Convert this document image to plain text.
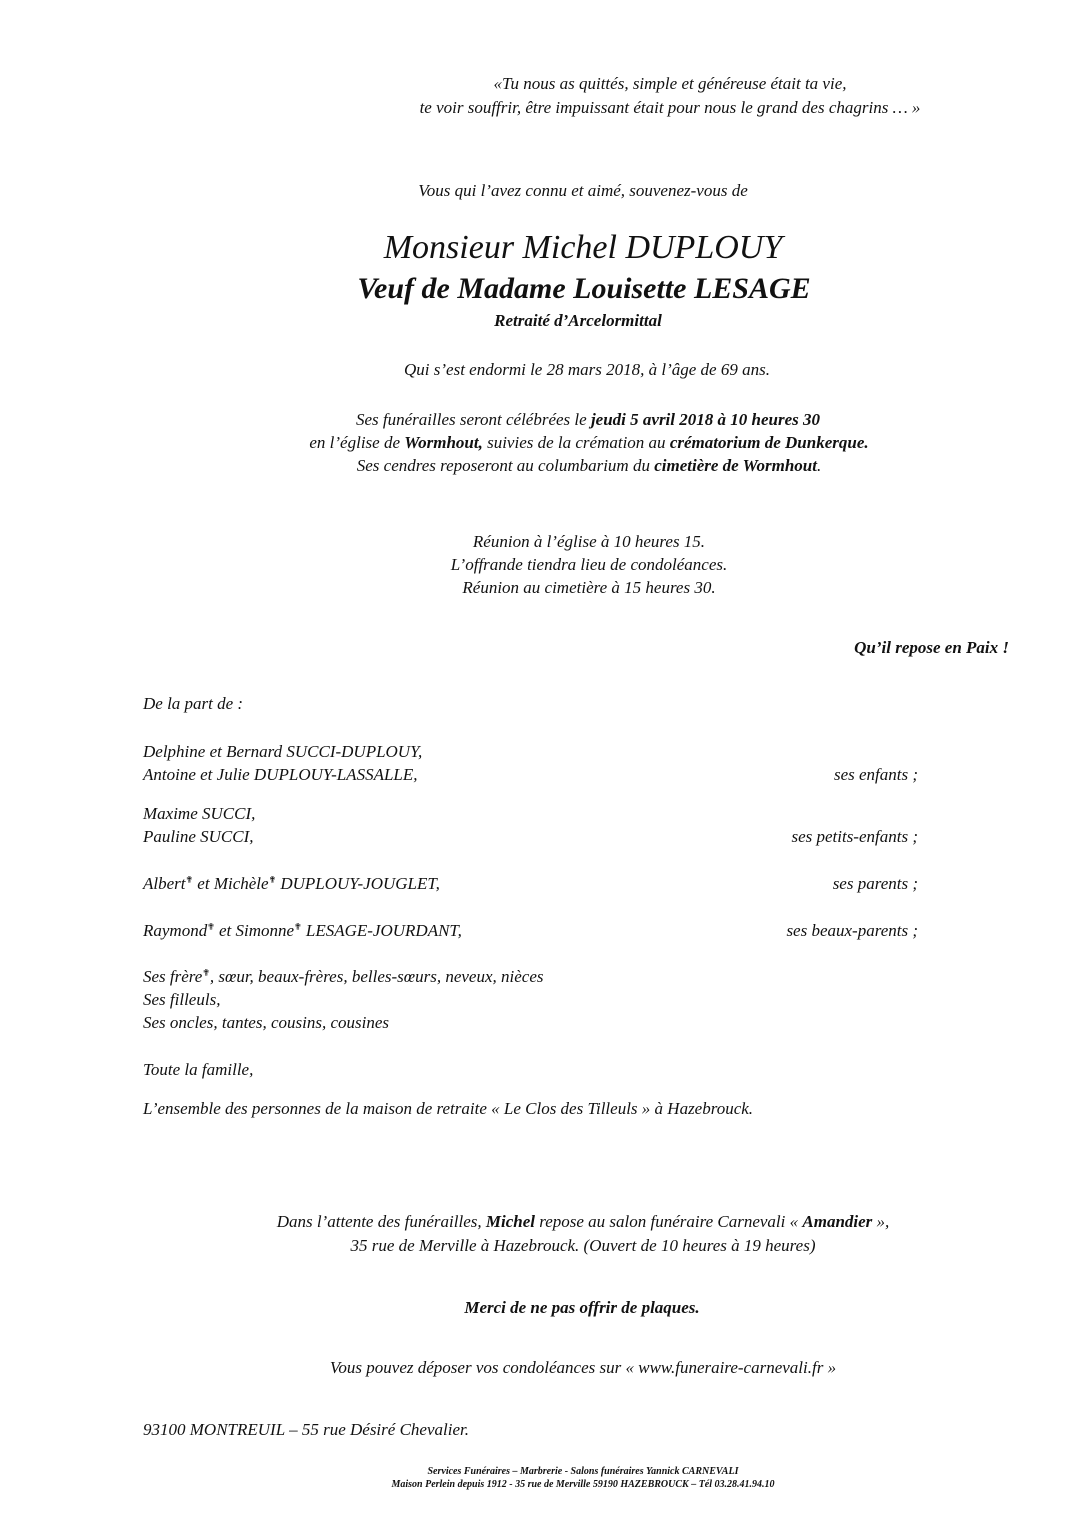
«Tu nous as quittés, simple et généreuse était ta vie,

te voir souffrir, être impuissant était pour nous le grand des chagrins … »

Vous qui l’avez connu et aimé, souvenez-vous de

Monsieur Michel DUPLOUY

Veuf de Madame Louisette LESAGE

Retraité d’Arcelormittal

Qui s’est endormi le 28 mars 2018, à l’âge de 69 ans.

Ses funérailles seront célébrées le jeudi 5 avril 2018 à 10 heures 30

en l’église de Wormhout, suivies de la crémation au crématorium de Dunkerque.

Ses cendres reposeront au columbarium du cimetière de Wormhout.

Réunion à l’église à 10 heures 15.

L’offrande tiendra lieu de condoléances.

Réunion au cimetière à 15 heures 30.

Qu’il repose en Paix !

De la part de :

Delphine et Bernard SUCCI-DUPLOUY,

Antoine et Julie DUPLOUY-LASSALLE,	ses enfants ;

Maxime SUCCI,

Pauline SUCCI,	ses petits-enfants ;

Albert✟ et Michèle✟ DUPLOUY-JOUGLET,	ses parents ;

Raymond✟ et Simonne✟ LESAGE-JOURDANT,	ses beaux-parents ;

Ses frère✟, sœur, beaux-frères, belles-sœurs, neveux, nièces

Ses filleuls,

Ses oncles, tantes, cousins, cousines

Toute la famille,

L’ensemble des personnes de la maison de retraite « Le Clos des Tilleuls » à Hazebrouck.

Dans l’attente des funérailles, Michel repose au salon funéraire Carnevali « Amandier »,

35 rue de Merville à Hazebrouck. (Ouvert de 10 heures à 19 heures)

Merci de ne pas offrir de plaques.

Vous pouvez déposer vos condoléances sur « www.funeraire-carnevali.fr »

93100 MONTREUIL – 55 rue Désiré Chevalier.

Services Funéraires – Marbrerie - Salons funéraires Yannick CARNEVALI

Maison Perlein depuis 1912 - 35 rue de Merville 59190 HAZEBROUCK – Tél 03.28.41.94.10
